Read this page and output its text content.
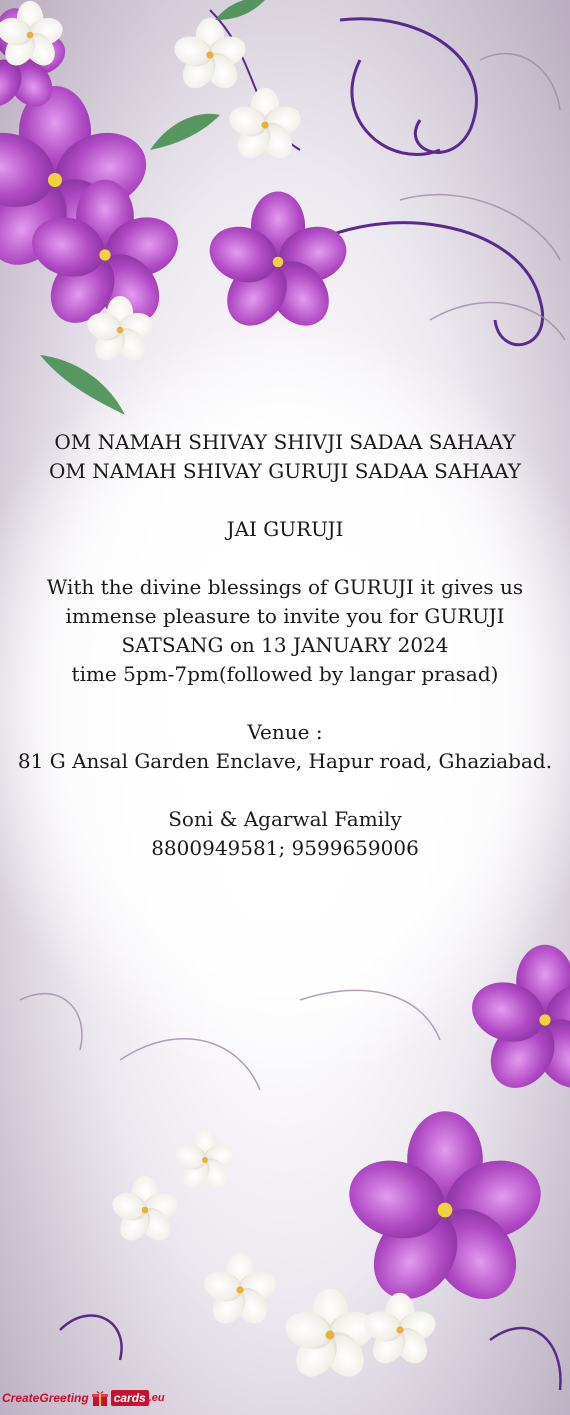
OM NAMAH SHIVAY SHIVJI SADAA SAHAAY
OM NAMAH SHIVAY GURUJI SADAA SAHAAY
JAI GURUJI
With the divine blessings of GURUJI it gives us
immense pleasure to invite you for GURUJI
SATSANG on 13 JANUARY 2024
time 5pm-7pm(followed by langar prasad)
Venue :
81 G Ansal Garden Enclave, Hapur road, Ghaziabad.
Soni & Agarwal Family
8800949581; 9599659006
CreateGreeting cards .eu
